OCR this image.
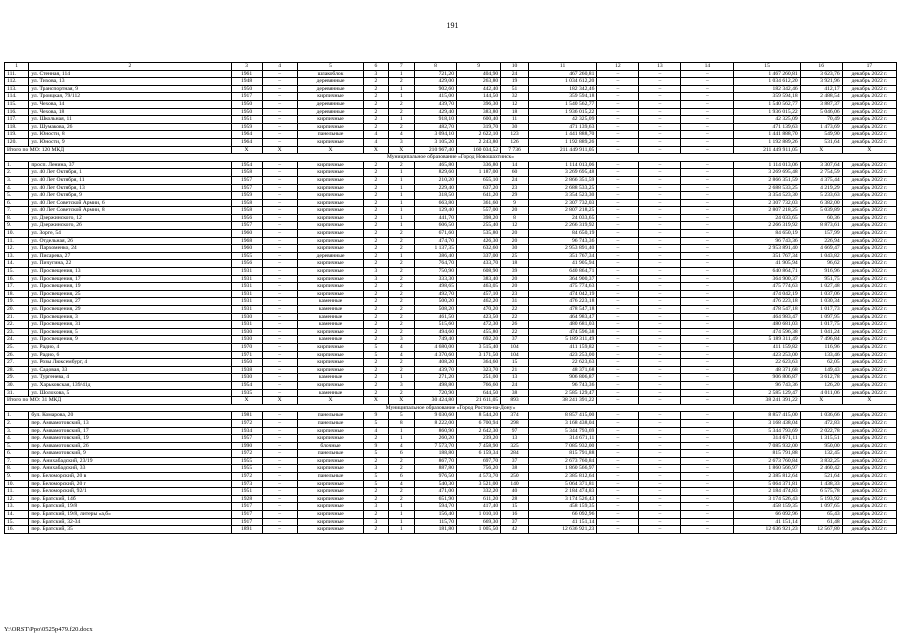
191
1	2	3	4	5	6	7	8	9	10	11	12	13	14	15	16	17
111.	ул. Стенная, 114	1961	–	шлакоблок	3	1	721,20	404,90	24	467 260,81	–	–	–	1 467 260,81	3 623,76	декабрь 2022 г.
112.	ул. Тихова, 13	1948	–	деревянные	2	2	429,00	263,80	19	1 034 612,20	–	–	–	1 034 612,20	3 921,96	декабрь 2022 г.
113.	ул. Транспортная, 9	1950	–	деревянные	2	1	902,60	442,40	51	182 342,46	–	–	–	182 342,46	412,17	декабрь 2022 г.
114.	ул. Троицкая, 79/112	1917	–	кирпичные	2	1	415,00	144,50	32	359 594,18	–	–	–	359 594,18	2 488,54	декабрь 2022 г.
115.	ул. Чехова, 14	1950	–	деревянные	2	2	439,70	396,30	12	1 540 562,77	–	–	–	1 540 562,77	3 887,37	декабрь 2022 г.
116.	ул. Чехова, 18	1950	–	деревянные	2	2	429,40	383,80	18	1 936 015,22	–	–	–	1 936 015,22	5 046,06	декабрь 2022 г.
117.	ул. Школьная, 11	1951	–	кирпичные	2	1	918,10	600,40	11	42 325,09	–	–	–	42 325,09	70,49	декабрь 2022 г.
118.	ул. Шумакова, 26	1959	–	кирпичные	2	2	482,70	319,70	30	471 139,63	–	–	–	471 139,63	1 473,69	декабрь 2022 г.
119.	ул. Юности, 8	1964	–	панельные	4	4	3 094,10	2 622,10	123	1 441 888,70	–	–	–	1 441 888,70	549,90	декабрь 2022 г.
120.	ул. Юности, 9	1964	–	кирпичные	4	3	3 105,20	2 243,80	126	1 192 889,26	–	–	–	1 192 889,26	531,64	декабрь 2022 г.
Итого по МО: 120 МКД		X	X	X	X	X	210 967,40	160 034,52	7 736	211 449 911,05	–	–	–	211 449 911,05	X	X
Муниципальное образование «Город Новошахтинск»																
1.	просп. Ленина, 37	1954	–	кирпичные	2	2	465,80	336,80	14	1 114 013,06	–	–	–	1 114 013,06	3 307,64	декабрь 2022 г.
2.	ул. 40 Лет Октября, 1	1958	–	кирпичные	2	1	829,60	1 187,00	60	3 269 695,48	–	–	–	3 269 695,48	2 754,59	декабрь 2022 г.
3.	ул. 40 Лет Октября, 11	1957	–	кирпичные	2	1	210,20	655,10	24	2 866 351,59	–	–	–	2 866 351,59	4 375,44	декабрь 2022 г.
4.	ул. 40 Лет Октября, 13	1957	–	кирпичные	2	1	229,40	637,20	23	2 688 533,25	–	–	–	2 688 533,25	4 219,29	декабрь 2022 г.
5.	ул. 40 Лет Октября, 9	1959	–	кирпичные	2	1	318,50	641,20	29	3 354 523,30	–	–	–	3 354 523,30	5 233,63	декабрь 2022 г.
6.	ул. 40 Лет Советской Армии, 6	1958	–	кирпичные	2	1	663,80	361,60	9	2 307 732,03	–	–	–	2 307 732,03	6 382,00	декабрь 2022 г.
7.	ул. 40 Лет Советской Армии, 8	1958	–	кирпичные	2	1	129,40	557,00	20	2 807 218,25	–	–	–	2 807 218,25	5 039,89	декабрь 2022 г.
8.	ул. Дзержинского, 12	1956	–	кирпичные	2	1	441,70	398,20	8	24 033,65	–	–	–	24 033,65	60,36	декабрь 2022 г.
9.	ул. Дзержинского, 26	1957	–	кирпичные	2	1	606,50	255,40	12	2 266 319,92	–	–	–	2 266 319,92	8 873,61	декабрь 2022 г.
10.	ул. Зорге, 54	1960	–	кирпичные	2	2	671,60	535,80	20	84 650,19	–	–	–	84 650,19	157,99	декабрь 2022 г.
11.	ул. Отдельная, 26	1968	–	кирпичные	2	2	474,70	426,30	20	96 743,36	–	–	–	96 743,36	226,94	декабрь 2022 г.
12.	ул. Пархоменко, 24	1960	–	кирпичные	2	2	1 137,35	632,60	30	2 953 891,40	–	–	–	2 953 891,40	4 669,47	декабрь 2022 г.
13.	ул. Писарева, 27	1955	–	деревянные	2	1	386,40	337,00	25	351 767,34	–	–	–	351 767,34	1 043,82	декабрь 2022 г.
14.	ул. Пичугина, 22	1956	–	кирпичные	2	2	764,70	433,70	18	41 905,94	–	–	–	41 905,94	96,62	декабрь 2022 г.
15.	ул. Просвещения, 13	1931	–	кирпичные	3	2	750,90	608,90	39	640 864,71	–	–	–	640 864,71	916,96	декабрь 2022 г.
16.	ул. Просвещения, 17	1931	–	кирпичные	3	2	333,30	383,40	20	364 900,37	–	–	–	364 900,37	951,75	декабрь 2022 г.
17.	ул. Просвещения, 19	1931	–	кирпичные	2	2	498,65	463,05	20	475 774,63	–	–	–	475 774,63	1 027,48	декабрь 2022 г.
18.	ул. Просвещения, 25	1931	–	кирпичные	2	2	492,70	457,10	23	474 042,19	–	–	–	474 042,19	1 037,06	декабрь 2022 г.
19.	ул. Просвещения, 27	1931	–	каменные	2	2	500,20	462,20	31	476 223,18	–	–	–	476 223,18	1 030,34	декабрь 2022 г.
20.	ул. Просвещения, 29	1931	–	каменные	2	2	508,20	470,20	22	478 547,18	–	–	–	478 547,18	1 017,73	декабрь 2022 г.
21.	ул. Просвещения, 3	1930	–	каменные	2	2	461,50	423,50	22	464 983,47	–	–	–	464 983,47	1 097,95	декабрь 2022 г.
22.	ул. Просвещения, 31	1931	–	каменные	2	2	515,60	472,30	26	480 681,03	–	–	–	480 681,03	1 017,75	декабрь 2022 г.
23.	ул. Просвещения, 5	1930	–	кирпичные	2	2	494,60	455,80	22	474 596,38	–	–	–	474 596,38	1 041,24	декабрь 2022 г.
24.	ул. Просвещения, 9	1930	–	каменные	2	3	749,40	692,20	37	5 189 311,49	–	–	–	5 189 311,49	7 496,84	декабрь 2022 г.
25.	ул. Радио, 4	1970	–	кирпичные	5	4	4 680,00	3 515,40	104	411 159,82	–	–	–	411 159,82	116,96	декабрь 2022 г.
26.	ул. Радио, 6	1971	–	кирпичные	5	4	4 370,60	3 171,50	104	423 253,00	–	–	–	423 253,00	133,46	декабрь 2022 г.
27.	ул. Розы Люксембург, 4	1950	–	кирпичные	2	2	408,20	364,60	15	22 623,63	–	–	–	22 623,63	62,05	декабрь 2022 г.
28.	ул. Садовая, 33	1938	–	кирпичные	2	2	439,70	323,70	21	48 371,68	–	–	–	48 371,68	149,43	декабрь 2022 г.
29.	ул. Тургенева, 4	1930	–	каменные	2	1	271,20	251,00	13	906 806,87	–	–	–	906 806,87	3 612,78	декабрь 2022 г.
30.	ул. Харьковская, 139/41д	1954	–	кирпичные	2	3	498,80	766,60	24	96 743,36	–	–	–	96 743,36	126,20	декабрь 2022 г.
31.	ул. Шолохова, 5	1935	–	каменные	2	2	720,90	644,50	38	2 585 129,47	–	–	–	2 585 129,47	4 011,06	декабрь 2022 г.
Итого по МО: 31 МКД		X	X	X	X	X	30 424,80	21 611,05	893	38 241 391,22	–	–	–	38 241 391,22	X	X
Муниципальное образование «Город Ростов-на-Дону»																
1.	бул. Комарова, 20	1981	–	панельные	9	5	9 030,60	8 544,20	374	8 857 415,00	–	–	–	8 857 415,00	1 036,66	декабрь 2022 г.
2.	пер. Амвамотовский, 13	1972	–	панельные	5	8	8 222,00	6 700,94	298	3 168 438,04	–	–	–	3 168 438,04	472,83	декабрь 2022 г.
3.	пер. Амвамотовский, 17	1934	–	кирпичные	4	1	860,90	2 642,30	97	5 344 793,69	–	–	–	5 344 793,69	2 022,78	декабрь 2022 г.
4.	пер. Амвамотовский, 19	1957	–	кирпичные	2	1	260,20	239,20	13	314 671,11	–	–	–	314 671,11	1 315,51	декабрь 2022 г.
5.	пер. Амвамотовский, 26	1990	–	блочные	9	4	7 573,70	7 458,90	325	7 085 932,00	–	–	–	7 085 932,00	950,00	декабрь 2022 г.
6.	пер. Амвамотовский, 9	1972	–	панельные	5	6	188,80	6 159,34	284	815 791,88	–	–	–	815 791,88	132,45	декабрь 2022 г.
7.	пер. Анихабадский, 23/19	1955	–	кирпичные	2	2	867,70	697,70	37	2 673 760,84	–	–	–	2 673 760,84	3 832,25	декабрь 2022 г.
8.	пер. Анихабадский, 33	1955	–	кирпичные	3	2	887,80	756,20	38	1 860 566,97	–	–	–	1 860 566,97	2 460,42	декабрь 2022 г.
9.	пер. Беломорский, 20 в	1972	–	панельные	5	6	976,50	4 573,70	250	2 385 812,64	–	–	–	2 385 812,64	521,64	декабрь 2022 г.
10.	пер. Беломорский, 20 г	1973	–	кирпичные	5	4	540,30	3 521,00	140	5 064 371,81	–	–	–	5 064 371,81	1 438,33	декабрь 2022 г.
11.	пер. Беломорский, 92/1	1951	–	кирпичные	2	2	471,00	332,20	40	2 184 474,83	–	–	–	2 184 474,83	6 575,78	декабрь 2022 г.
12.	пер. Братский, 14б	1928	–	кирпичные	2	2	651,90	611,20	28	3 174 526,43	–	–	–	3 174 526,43	5 193,92	декабрь 2022 г.
13.	пер. Братский, 19/8	1917	–	кирпичные	3	1	594,70	417,40	15	458 159,35	–	–	–	458 159,35	1 097,65	декабрь 2022 г.
14.	пер. Братский, 19/8, литеры «а,б»	1917	–	кирпичные	2	1	156,40	1 010,10	16	66 092,96	–	–	–	66 092,96	65,43	декабрь 2022 г.
15.	пер. Братский, 32-34	1917	–	кирпичные	3	1	115,70	669,30	37	41 151,14	–	–	–	41 151,14	61,48	декабрь 2022 г.
16.	пер. Братский, 35	1891	–	кирпичные	2	1	181,80	1 005,50	42	12 636 921,23	–	–	–	12 636 921,23	12 567,80	декабрь 2022 г.
Y:\ORST\Ppo\0525p479.f20.docx
